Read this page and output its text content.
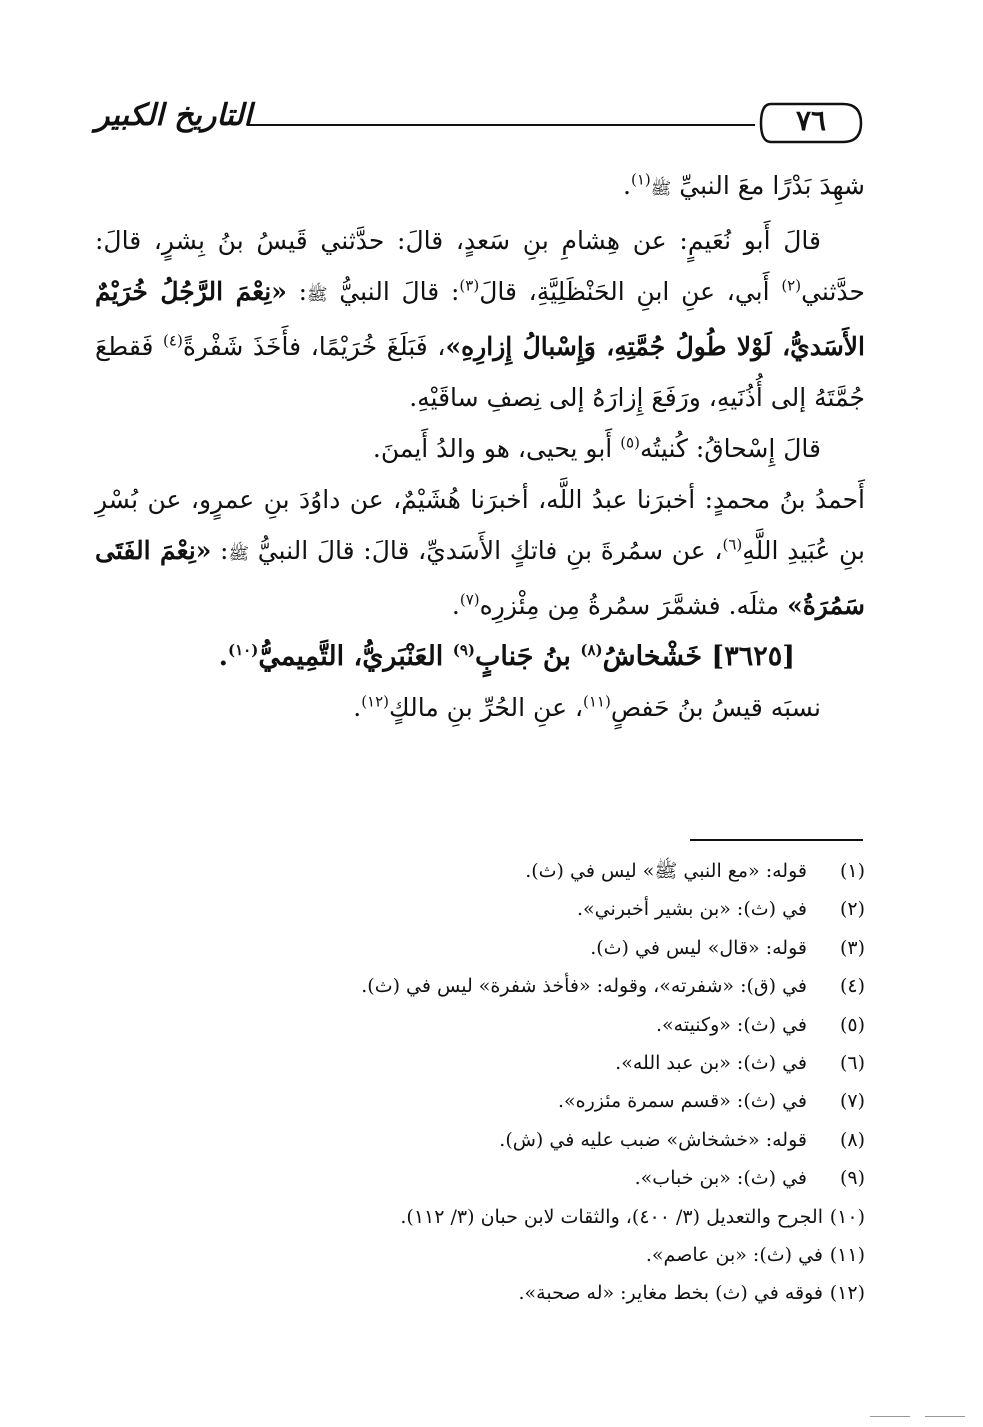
التاريخ الكبير	٧٦

شهِدَ بَدْرًا معَ النبيِّ ﷺ$^{(١)}$.

قالَ أَبو نُعَيمٍ: عن هِشامِ بنِ سَعدٍ، قالَ: حدَّثني قَيسُ بنُ بِشرٍ، قالَ: حدَّثني$^{(٢)}$ أَبي، عنِ ابنِ الحَنْظَلِيَّةِ، قالَ$^{(٣)}$: قالَ النبيُّ ﷺ: «نِعْمَ الرَّجُلُ خُرَيْمٌ الأَسَديُّ، لَوْلا طُولُ جُمَّتِهِ، وَإِسْبالُ إِزارِهِ»، فَبَلَغَ خُرَيْمًا، فأَخَذَ شَفْرةً$^{(٤)}$ فَقطعَ جُمَّتَهُ إلى أُذُنَيهِ، ورَفَعَ إِزارَهُ إلى نِصفِ ساقَيْهِ.

قالَ إِسْحاقُ: كُنيتُه$^{(٥)}$ أَبو يحيى، هو والدُ أَيمنَ.

أَحمدُ بنُ محمدٍ: أخبرَنا عبدُ اللَّه، أخبرَنا هُشَيْمٌ، عن داوُدَ بنِ عمرٍو، عن بُسْرِ بنِ عُبَيدِ اللَّهِ$^{(٦)}$، عن سمُرةَ بنِ فاتكٍ الأَسَديِّ، قالَ: قالَ النبيُّ ﷺ: «نِعْمَ الفَتَى سَمُرَةُ» مثلَه. فشمَّرَ سمُرةُ مِن مِئْزرِه$^{(٧)}$.

[٣٦٢٥] خَشْخاشُ$^{(٨)}$ بنُ جَنابٍ$^{(٩)}$ العَنْبَريُّ، التَّمِيميُّ$^{(١٠)}$.

نسبَه قيسُ بنُ حَفصٍ$^{(١١)}$، عنِ الحُرِّ بنِ مالكٍ$^{(١٢)}$.

(١)قوله: «مع النبي ﷺ» ليس في (ث).
(٢)في (ث): «بن بشير أخبرني».
(٣)قوله: «قال» ليس في (ث).
(٤)في (ق): «شفرته»، وقوله: «فأخذ شفرة» ليس في (ث).
(٥)في (ث): «وكنيته».
(٦)في (ث): «بن عبد الله».
(٧)في (ث): «قسم سمرة مئزره».
(٨)قوله: «خشخاش» ضبب عليه في (ش).
(٩)في (ث): «بن خباب».
(١٠)الجرح والتعديل (٣/ ٤٠٠)، والثقات لابن حبان (٣/ ١١٢).
(١١)في (ث): «بن عاصم».
(١٢)فوقه في (ث) بخط مغاير: «له صحبة».
